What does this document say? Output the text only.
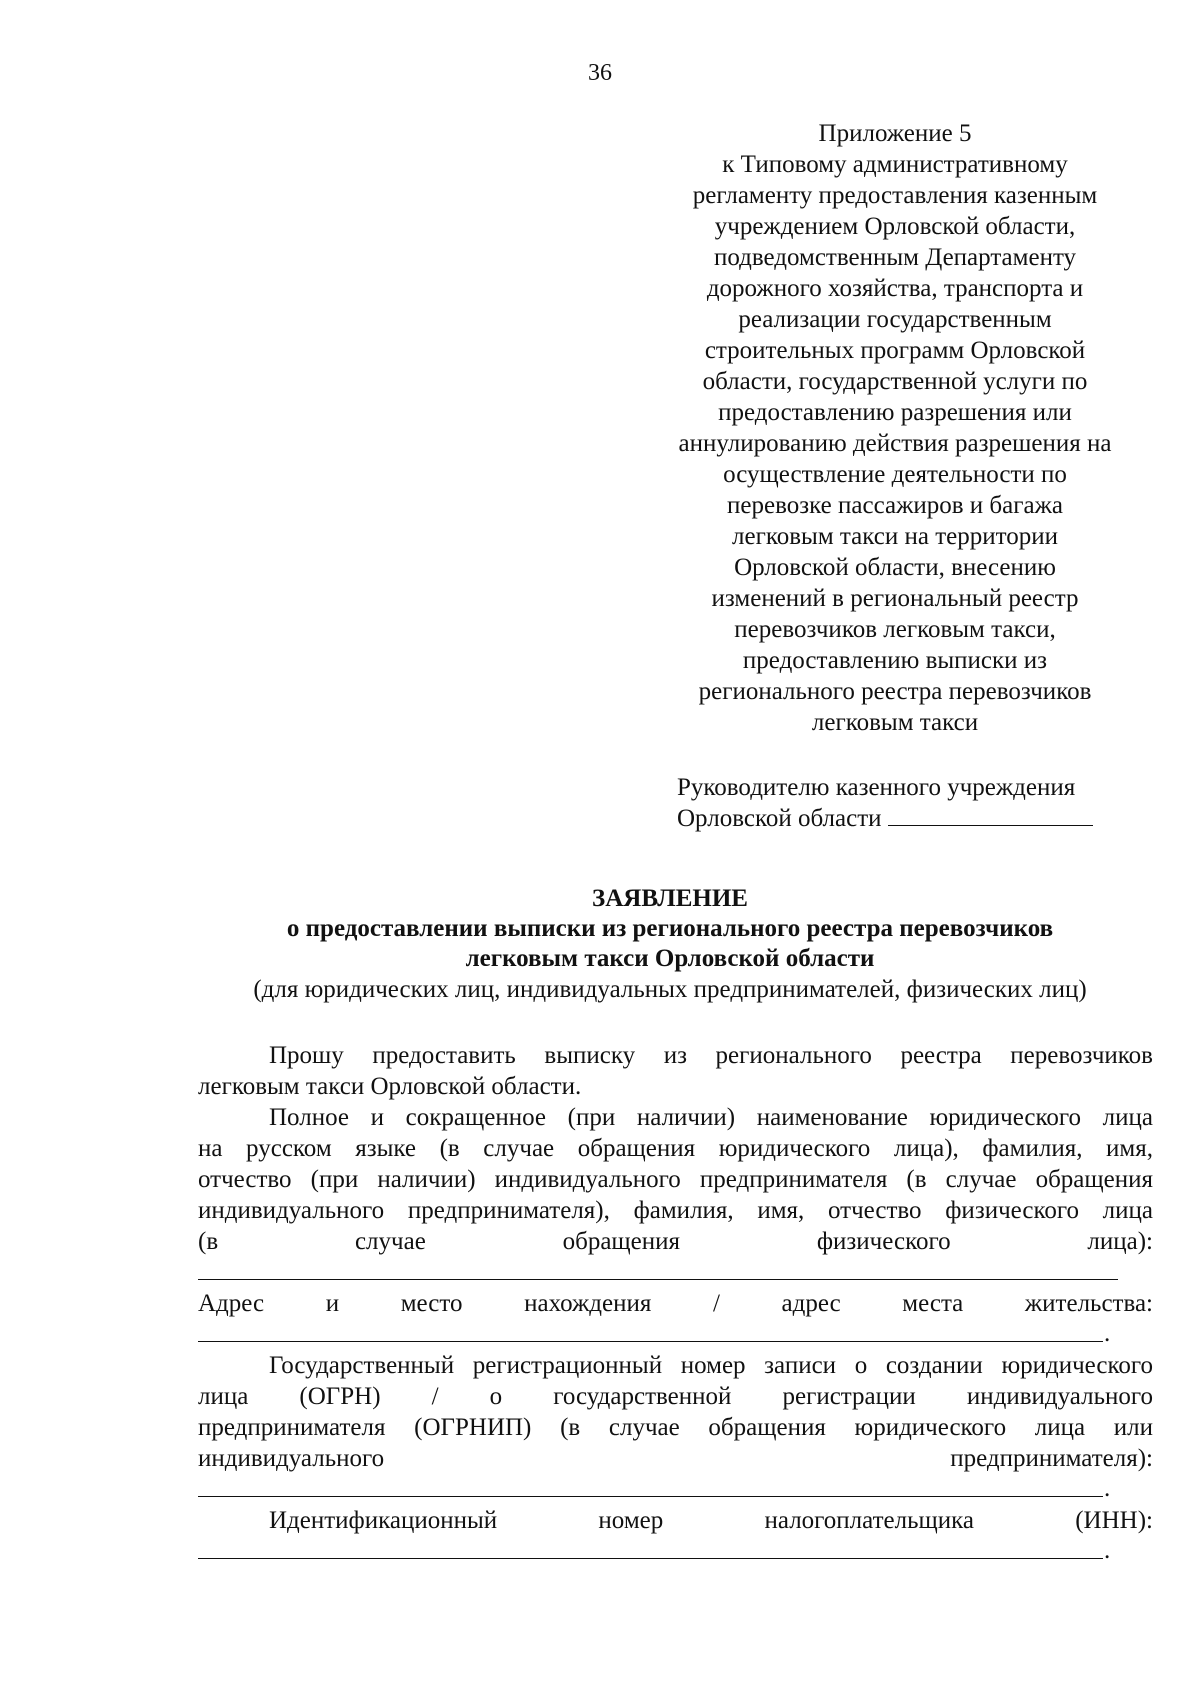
36
Приложение 5
к Типовому административному
регламенту предоставления казенным
учреждением Орловской области,
подведомственным Департаменту
дорожного хозяйства, транспорта и
реализации государственным
строительных программ Орловской
области, государственной услуги по
предоставлению разрешения или
аннулированию действия разрешения на
осуществление деятельности по
перевозке пассажиров и багажа
легковым такси на территории
Орловской области, внесению
изменений в региональный реестр
перевозчиков легковым такси,
предоставлению выписки из
регионального реестра перевозчиков
легковым такси
Руководителю казенного учреждения
Орловской области
ЗАЯВЛЕНИЕ
о предоставлении выписки из регионального реестра перевозчиков
легковым такси Орловской области
(для юридических лиц, индивидуальных предпринимателей, физических лиц)
Прошу предоставить выписку из регионального реестра перевозчиков
легковым такси Орловской области.
Полное и сокращенное (при наличии) наименование юридического лица
на русском языке (в случае обращения юридического лица), фамилия, имя,
отчество (при наличии) индивидуального предпринимателя (в случае обращения
индивидуального предпринимателя), фамилия, имя, отчество физического лица
(в случае обращения физического лица):
Адрес и место нахождения / адрес места жительства:
.
Государственный регистрационный номер записи о создании юридического
лица (ОГРН) / о государственной регистрации индивидуального
предпринимателя (ОГРНИП) (в случае обращения юридического лица или
индивидуального предпринимателя):
.
Идентификационный номер налогоплательщика (ИНН):
.
